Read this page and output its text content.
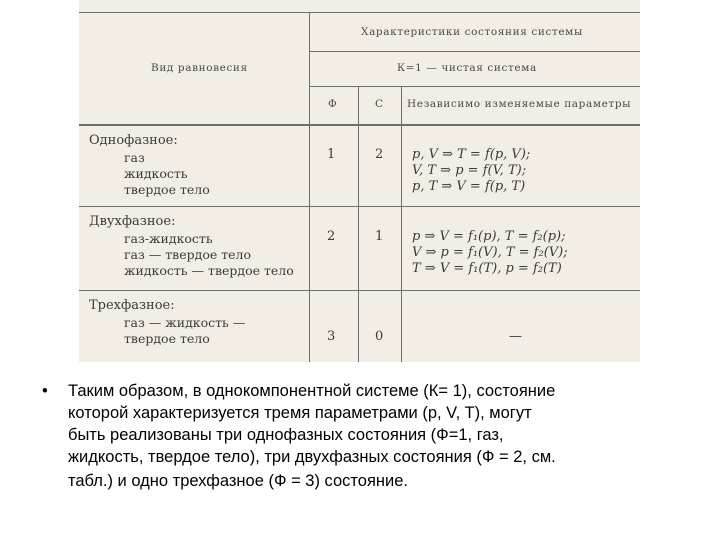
Вид равновесия
Характеристики состояния системы
К=1 — чистая система
Ф	С Независимо изменяемые параметры
Однофазное:
газ
жидкость
твердое тело
1	2 p, V ⇒ T = f(p, V);
V, T ⇒ p = f(V, T);
p, T ⇒ V = f(p, T)
Двухфазное:
газ-жидкость
газ — твердое тело
жидкость — твердое тело
2	1 p ⇒ V = f₁(p), T = f₂(p);
V ⇒ p = f₁(V), T = f₂(V);
T ⇒ V = f₁(T), p = f₂(T)
Трехфазное:
газ — жидкость —
твердое тело	3	0	—
• Таким образом, в однокомпонентной системе (К= 1), состояние
которой характеризуется тремя параметрами (p, V, T), могут
быть реализованы три однофазных состояния (Ф=1, газ,
жидкость, твердое тело), три двухфазных состояния (Ф = 2, см.
табл.) и одно трехфазное (Ф = 3) состояние.
